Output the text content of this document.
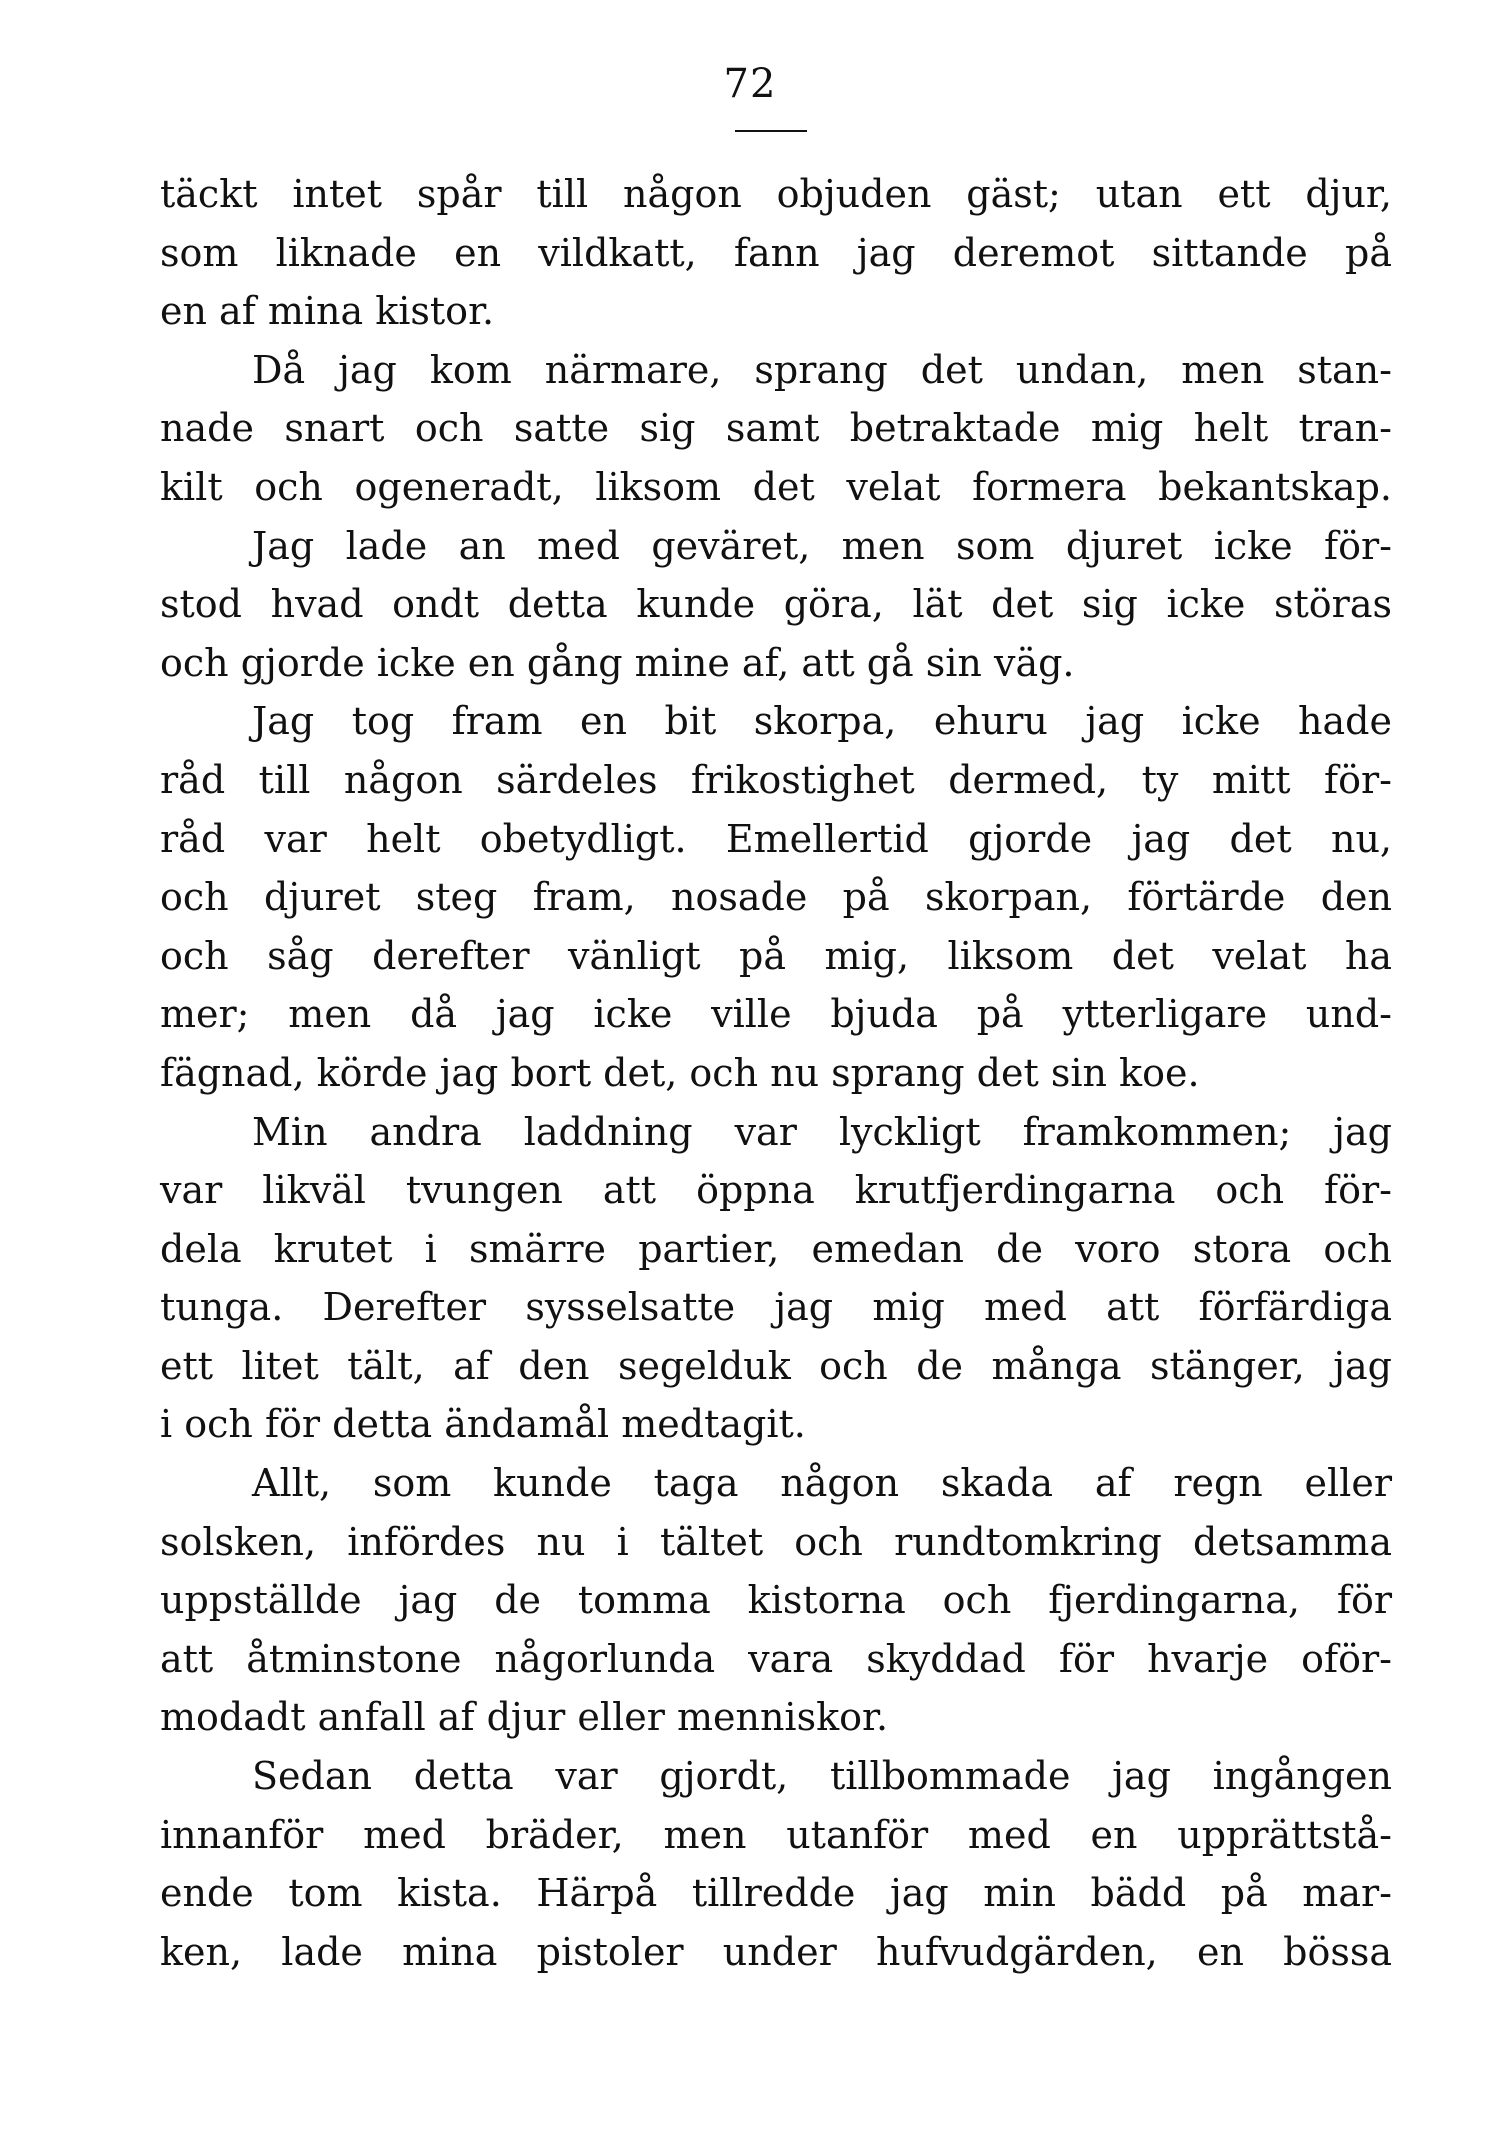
72
täckt intet spår till någon objuden gäst; utan ett djur,
som liknade en vildkatt, fann jag deremot sittande på
en af mina kistor.
Då jag kom närmare, sprang det undan, men stan-
nade snart och satte sig samt betraktade mig helt tran-
kilt och ogeneradt, liksom det velat formera bekantskap.
Jag lade an med geväret, men som djuret icke för-
stod hvad ondt detta kunde göra, lät det sig icke störas
och gjorde icke en gång mine af, att gå sin väg.
Jag tog fram en bit skorpa, ehuru jag icke hade
råd till någon särdeles frikostighet dermed, ty mitt för-
råd var helt obetydligt. Emellertid gjorde jag det nu,
och djuret steg fram, nosade på skorpan, förtärde den
och såg derefter vänligt på mig, liksom det velat ha
mer; men då jag icke ville bjuda på ytterligare und-
fägnad, körde jag bort det, och nu sprang det sin koe.
Min andra laddning var lyckligt framkommen; jag
var likväl tvungen att öppna krutfjerdingarna och för-
dela krutet i smärre partier, emedan de voro stora och
tunga. Derefter sysselsatte jag mig med att förfärdiga
ett litet tält, af den segelduk och de många stänger, jag
i och för detta ändamål medtagit.
Allt, som kunde taga någon skada af regn eller
solsken, infördes nu i tältet och rundtomkring detsamma
uppställde jag de tomma kistorna och fjerdingarna, för
att åtminstone någorlunda vara skyddad för hvarje oför-
modadt anfall af djur eller menniskor.
Sedan detta var gjordt, tillbommade jag ingången
innanför med bräder, men utanför med en upprättstå-
ende tom kista. Härpå tillredde jag min bädd på mar-
ken, lade mina pistoler under hufvudgärden, en bössa
